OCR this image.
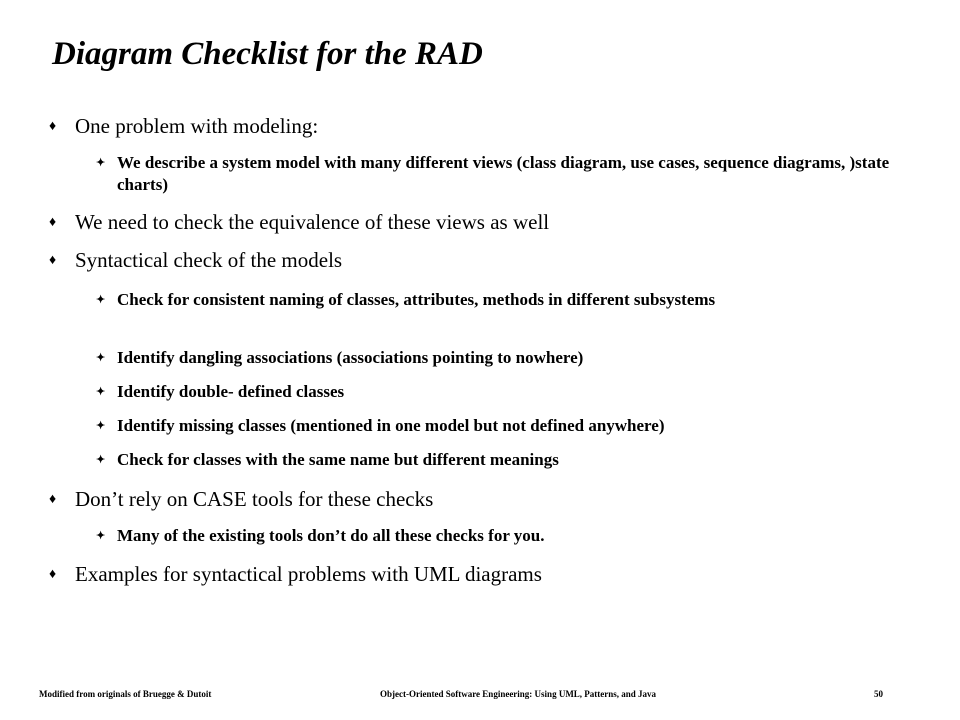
Diagram Checklist for the RAD
♦ One problem with modeling:
✦ We describe a system model with many different views (class diagram, use cases, sequence diagrams, )state charts)
♦ We need to check the equivalence of these views as well
♦ Syntactical check of the models
✦ Check for consistent naming of classes, attributes, methods in different subsystems
✦ Identify dangling associations (associations pointing to nowhere)
✦ Identify double- defined classes
✦ Identify missing classes (mentioned in one model but not defined anywhere)
✦ Check for classes with the same name but different meanings
♦ Don’t rely on CASE tools for these checks
✦ Many of the existing tools don’t do all these checks for you.
♦ Examples for syntactical problems with UML diagrams
Modified from originals of Bruegge & Dutoit	Object-Oriented Software Engineering: Using UML, Patterns, and Java	50
